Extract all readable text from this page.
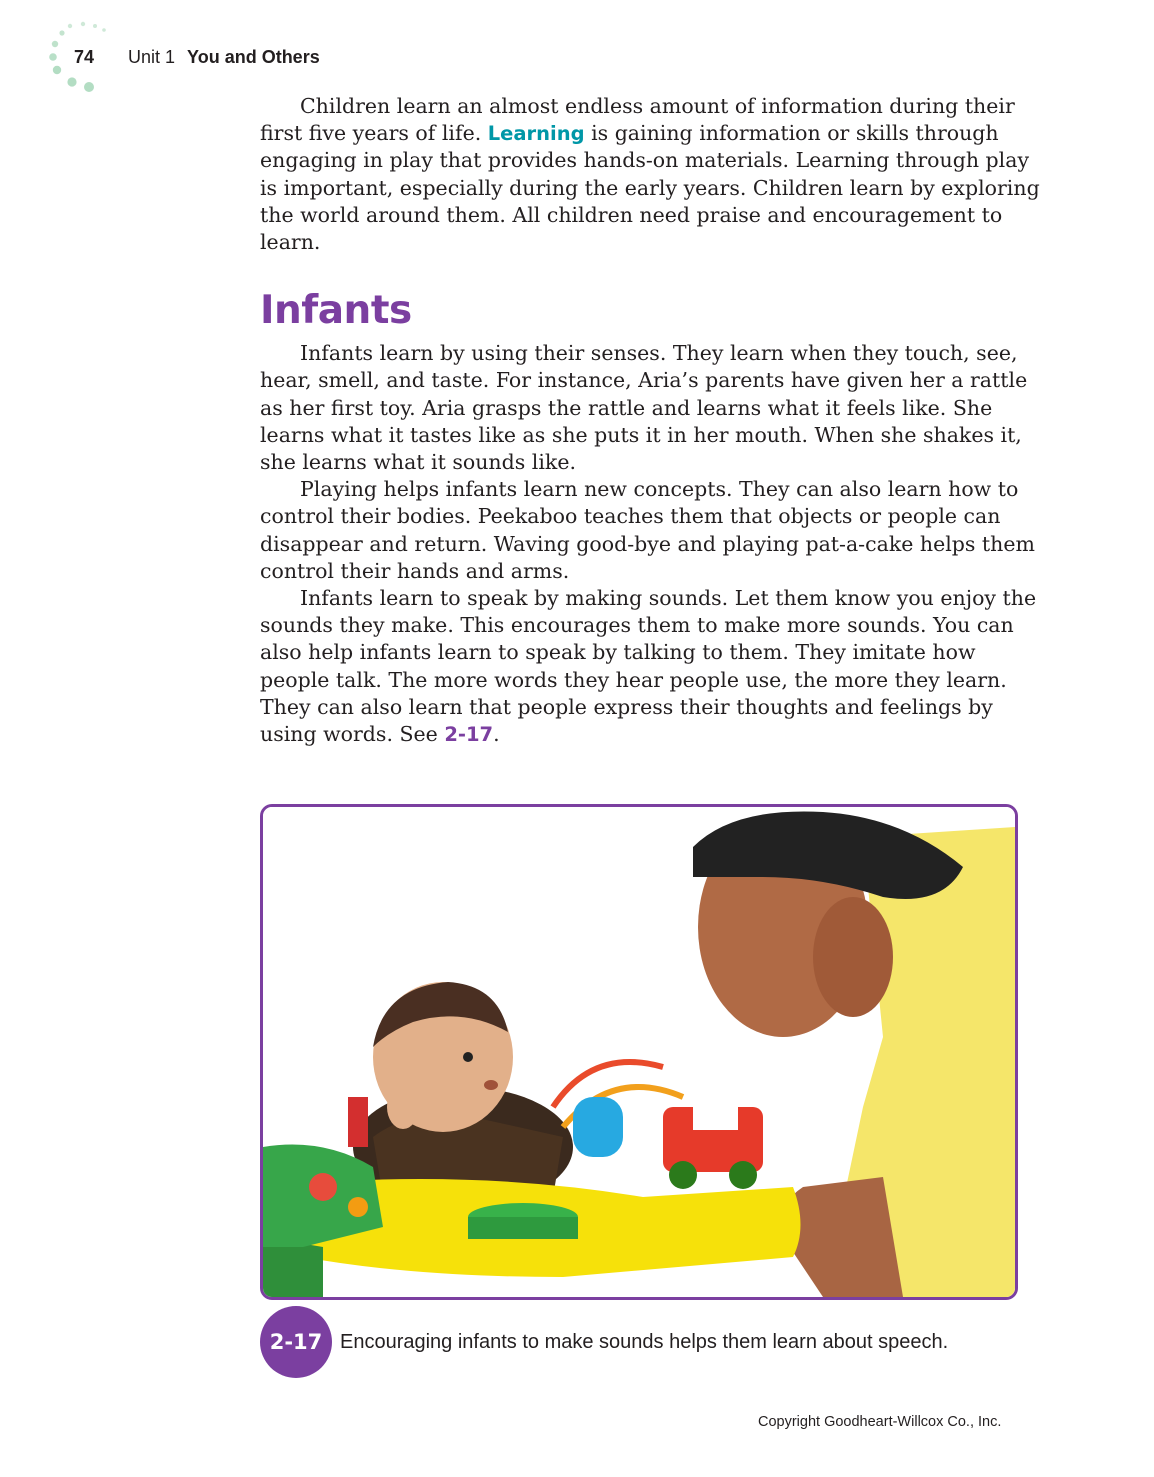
74 Unit 1 You and Others

Children learn an almost endless amount of information during their first five years of life. Learning is gaining information or skills through engaging in play that provides hands-on materials. Learning through play is important, especially during the early years. Children learn by exploring the world around them. All children need praise and encouragement to learn.

Infants

Infants learn by using their senses. They learn when they touch, see, hear, smell, and taste. For instance, Aria’s parents have given her a rattle as her first toy. Aria grasps the rattle and learns what it feels like. She learns what it tastes like as she puts it in her mouth. When she shakes it, she learns what it sounds like.

Playing helps infants learn new concepts. They can also learn how to control their bodies. Peekaboo teaches them that objects or people can disappear and return. Waving good-bye and playing pat-a-cake helps them control their hands and arms.

Infants learn to speak by making sounds. Let them know you enjoy the sounds they make. This encourages them to make more sounds. You can also help infants learn to speak by talking to them. They imitate how people talk. The more words they hear people use, the more they learn. They can also learn that people express their thoughts and feelings by using words. See 2-17.

2-17 Encouraging infants to make sounds helps them learn about speech.
Copyright Goodheart-Willcox Co., Inc.
